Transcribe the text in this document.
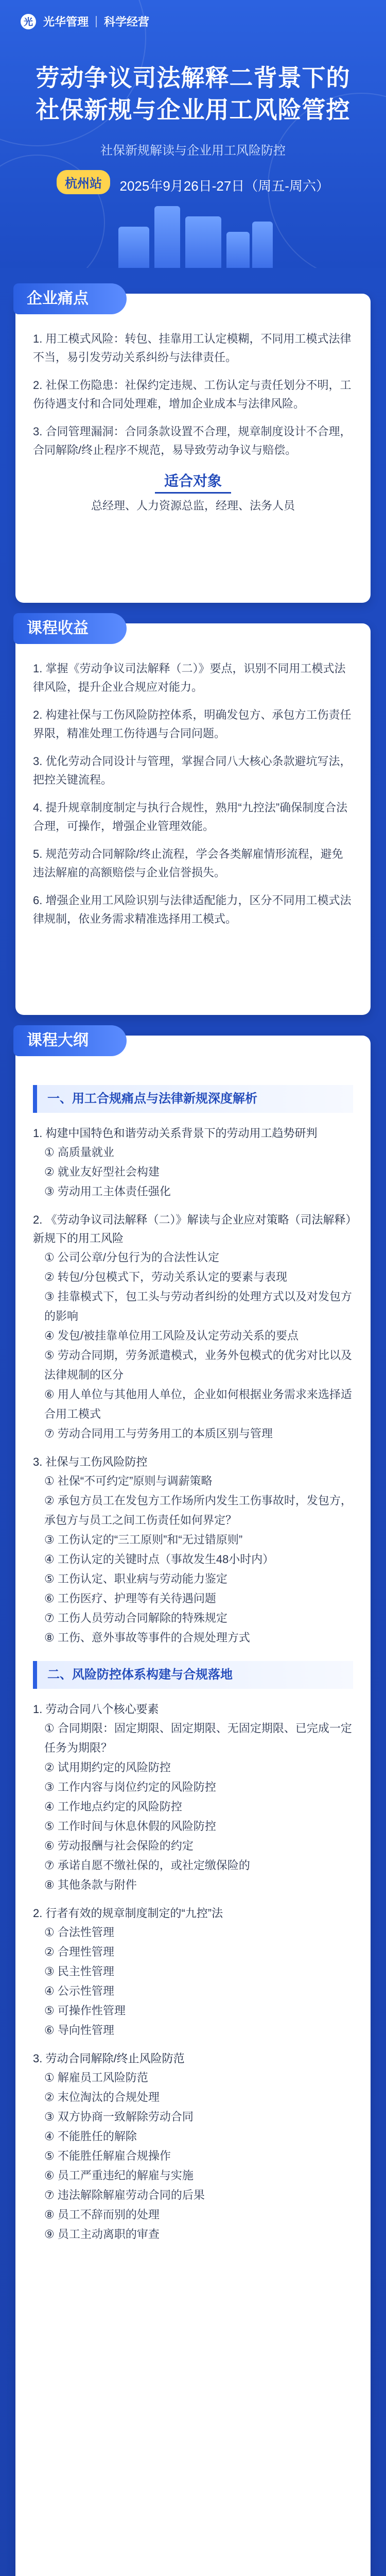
光 光华管理 科学经营
劳动争议司法解释二背景下的
社保新规与企业用工风险管控
社保新规解读与企业用工风险防控
杭州站 2025年9月26日-27日（周五-周六）
企业痛点

1. 用工模式风险：转包、挂靠用工认定模糊，不同用工模式法律不当，易引发劳动关系纠纷与法律责任。

2. 社保工伤隐患：社保约定违规、工伤认定与责任划分不明，工伤待遇支付和合同处理难，增加企业成本与法律风险。

3. 合同管理漏洞：合同条款设置不合理，规章制度设计不合理，合同解除/终止程序不规范，易导致劳动争议与赔偿。

适合对象
总经理、人力资源总监，经理、法务人员
课程收益

1. 掌握《劳动争议司法解释（二）》要点，识别不同用工模式法律风险，提升企业合规应对能力。

2. 构建社保与工伤风险防控体系，明确发包方、承包方工伤责任界限，精准处理工伤待遇与合同问题。

3. 优化劳动合同设计与管理，掌握合同八大核心条款避坑写法，把控关键流程。

4. 提升规章制度制定与执行合规性，熟用“九控法”确保制度合法合理，可操作，增强企业管理效能。

5. 规范劳动合同解除/终止流程，学会各类解雇情形流程，避免违法解雇的高额赔偿与企业信誉损失。

6. 增强企业用工风险识别与法律适配能力，区分不同用工模式法律规制，依业务需求精准选择用工模式。

课程大纲
一、用工合规痛点与法律新规深度解析
1. 构建中国特色和谐劳动关系背景下的劳动用工趋势研判
① 高质量就业
② 就业友好型社会构建
③ 劳动用工主体责任强化
2. 《劳动争议司法解释（二）》解读与企业应对策略（司法解释）新规下的用工风险
① 公司公章/分包行为的合法性认定
② 转包/分包模式下，劳动关系认定的要素与表现
③ 挂靠模式下，包工头与劳动者纠纷的处理方式以及对发包方的影响
④ 发包/被挂靠单位用工风险及认定劳动关系的要点
⑤ 劳动合同期，劳务派遣模式，业务外包模式的优劣对比以及法律规制的区分
⑥ 用人单位与其他用人单位，企业如何根据业务需求来选择适合用工模式
⑦ 劳动合同用工与劳务用工的本质区别与管理
3. 社保与工伤风险防控
① 社保“不可约定”原则与调薪策略
② 承包方员工在发包方工作场所内发生工伤事故时，发包方，承包方与员工之间工伤责任如何界定？
③ 工伤认定的“三工原则”和“无过错原则”
④ 工伤认定的关键时点（事故发生48小时内）
⑤ 工伤认定、职业病与劳动能力鉴定
⑥ 工伤医疗、护理等有关待遇问题
⑦ 工伤人员劳动合同解除的特殊规定
⑧ 工伤、意外事故等事件的合规处理方式
二、风险防控体系构建与合规落地
1. 劳动合同八个核心要素
① 合同期限：固定期限、固定期限、无固定期限、已完成一定任务为期限？
② 试用期约定的风险防控
③ 工作内容与岗位约定的风险防控
④ 工作地点约定的风险防控
⑤ 工作时间与休息休假的风险防控
⑥ 劳动报酬与社会保险的约定
⑦ 承诺自愿不缴社保的，或社定缴保险的
⑧ 其他条款与附件
2. 行者有效的规章制度制定的“九控”法
① 合法性管理
② 合理性管理
③ 民主性管理
④ 公示性管理
⑤ 可操作性管理
⑥ 导向性管理
3. 劳动合同解除/终止风险防范
① 解雇员工风险防范
② 末位淘汰的合规处理
③ 双方协商一致解除劳动合同
④ 不能胜任的解除
⑤ 不能胜任解雇合规操作
⑥ 员工严重违纪的解雇与实施
⑦ 违法解除解雇劳动合同的后果
⑧ 员工不辞而别的处理
⑨ 员工主动离职的审查
